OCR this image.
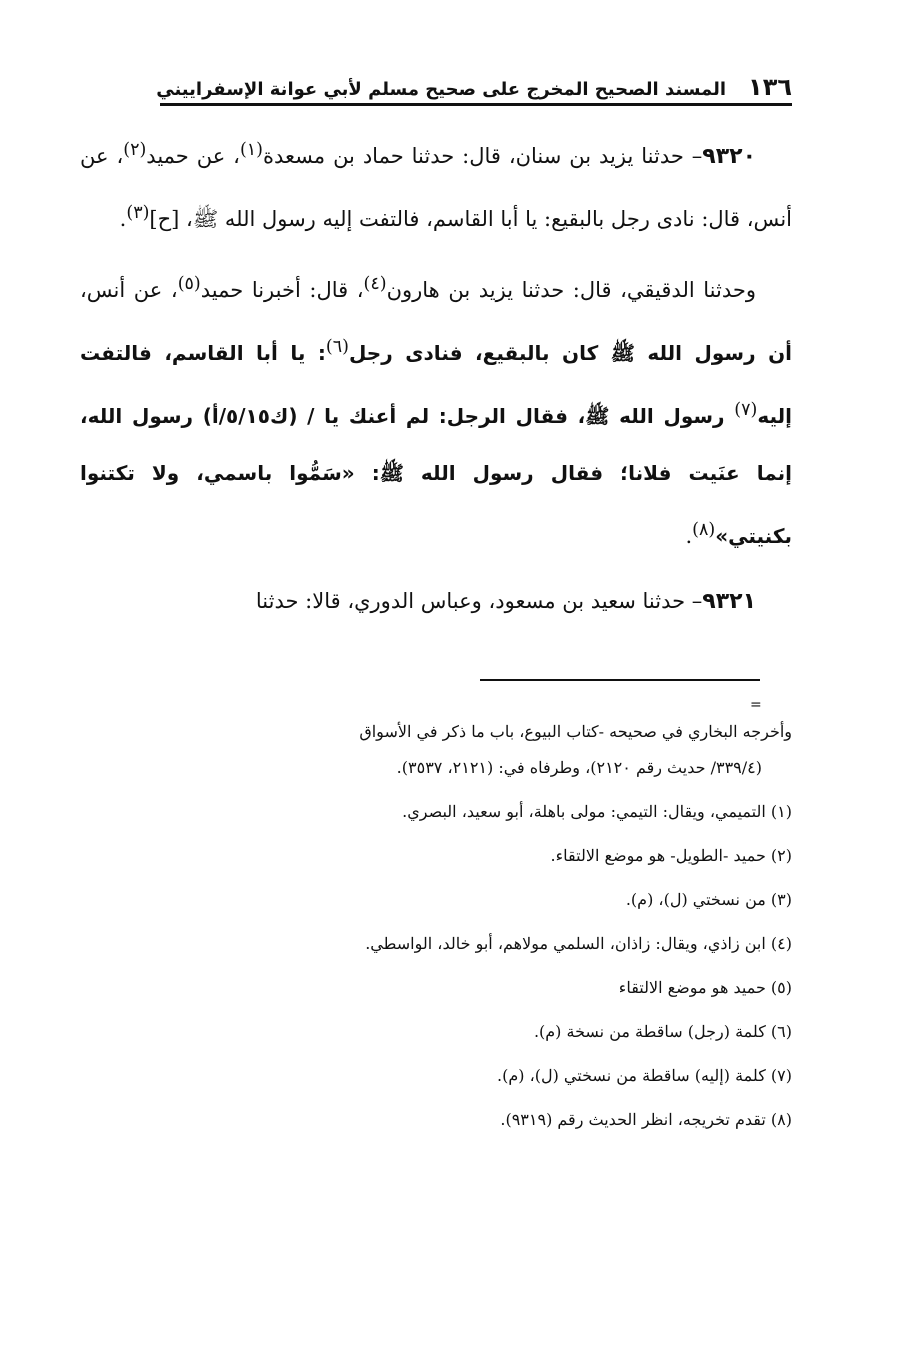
١٣٦
المسند الصحيح المخرج على صحيح مسلم لأبي عوانة الإسفراييني

٩٣٢٠– حدثنا يزيد بن سنان، قال: حدثنا حماد بن مسعدة$^{(١)}$، عن حميد$^{(٢)}$، عن أنس، قال: نادى رجل بالبقيع: يا أبا القاسم، فالتفت إليه رسول الله ﷺ، [ح]$^{(٣)}$.

وحدثنا الدقيقي، قال: حدثنا يزيد بن هارون$^{(٤)}$، قال: أخبرنا حميد$^{(٥)}$، عن أنس، أن رسول الله ﷺ كان بالبقيع، فنادى رجل$^{(٦)}$: يا أبا القاسم، فالتفت إليه$^{(٧)}$ رسول الله ﷺ، فقال الرجل: لم أعنك يا / (ك٥/١٥/أ) رسول الله، إنما عنَيت فلانا؛ فقال رسول الله ﷺ: «سَمُّوا باسمي، ولا تكتنوا بكنيتي»$^{(٨)}$.

٩٣٢١– حدثنا سعيد بن مسعود، وعباس الدوري، قالا: حدثنا

=

وأخرجه البخاري في صحيحه -كتاب البيوع، باب ما ذكر في الأسواق

(٣٣٩/٤/ حديث رقم ٢١٢٠)، وطرفاه في: (٢١٢١، ٣٥٣٧).

(١) التميمي، ويقال: التيمي: مولى باهلة، أبو سعيد، البصري.

(٢) حميد -الطويل- هو موضع الالتقاء.

(٣) من نسختي (ل)، (م).

(٤) ابن زاذي، ويقال: زاذان، السلمي مولاهم، أبو خالد، الواسطي.

(٥) حميد هو موضع الالتقاء

(٦) كلمة (رجل) ساقطة من نسخة (م).

(٧) كلمة (إليه) ساقطة من نسختي (ل)، (م).

(٨) تقدم تخريجه، انظر الحديث رقم (٩٣١٩).
